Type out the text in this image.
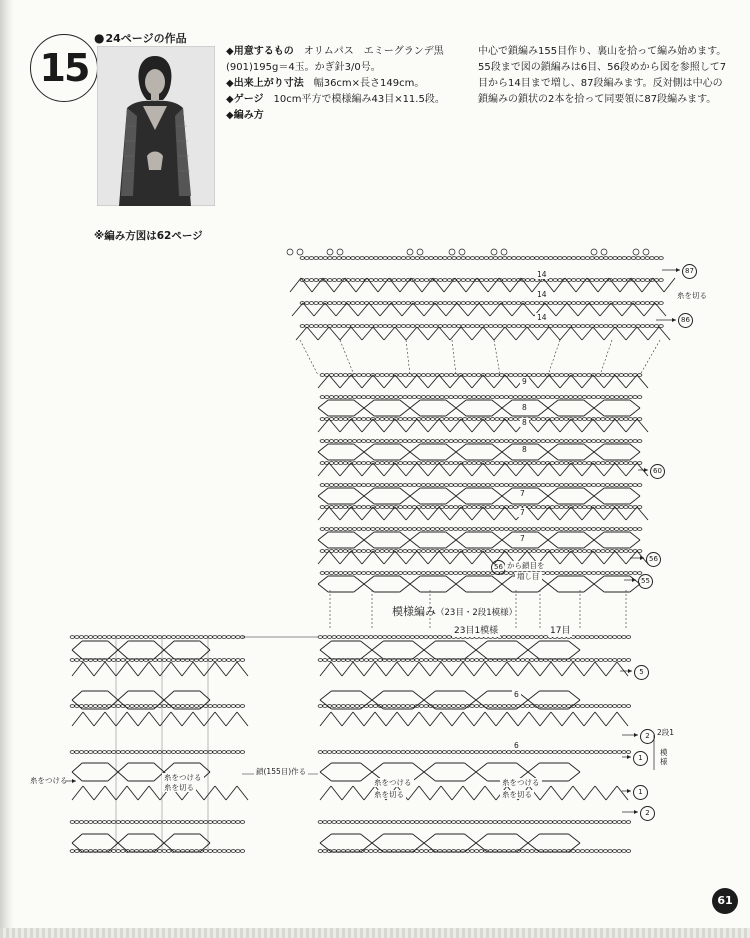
15
●24ページの作品
◆用意するもの　 オリムパス　エミーグランデ黒(901)195g＝4玉。かぎ針3/0号。
◆出来上がり寸法　 幅36cm×長さ149cm。
◆ゲージ　 10cm平方で模様編み43目×11.5段。
◆編み方
中心で鎖編み155目作り、裏山を拾って編み始めます。55段まで図の鎖編みは6目、56段めから図を参照して7目から14目まで増し、87段編みます。反対側は中心の鎖編みの鎖状の2本を拾って同要領に87段編みます。
※編み方図は62ページ
模様編み（23目・2段1模様）
23目1模様	17目
14
14
14
9
8
8
8
7
7
7
6
6
56 から鎖目を
増し目
鎖(155目)作る
糸をつける	糸をつける
糸を切る
糸をつける
糸を切る
糸をつける
糸を切る
糸を切る
2段1
模様
87
86
60
56
55
5
2
1
1
2
61
